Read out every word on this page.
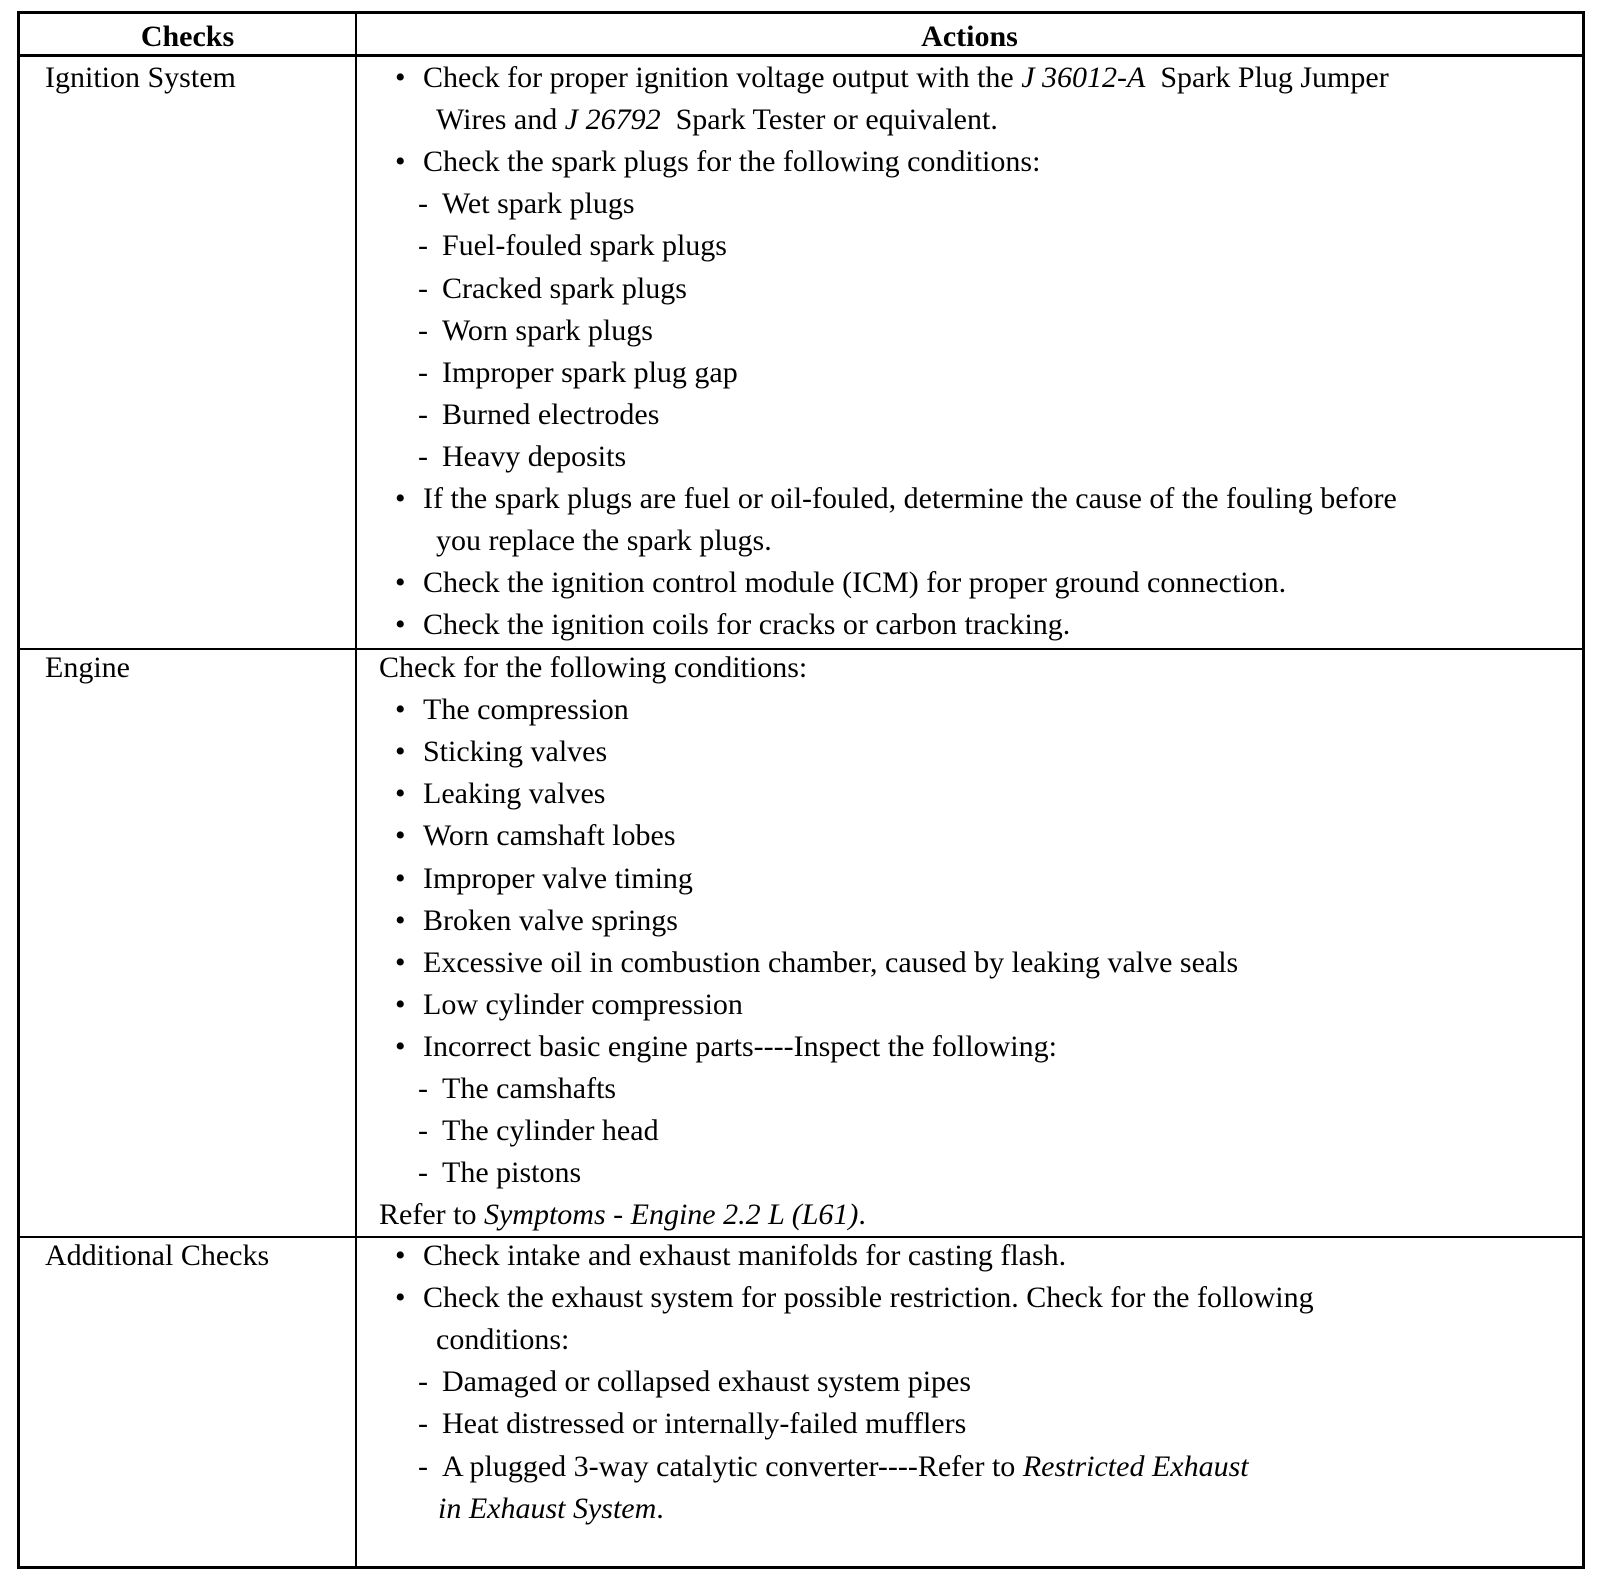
Checks	Actions
Ignition System	• Check for proper ignition voltage output with the J 36012-A  Spark Plug Jumper
Wires and J 26792  Spark Tester or equivalent.
• Check the spark plugs for the following conditions:
- Wet spark plugs
- Fuel-fouled spark plugs
- Cracked spark plugs
- Worn spark plugs
- Improper spark plug gap
- Burned electrodes
- Heavy deposits
• If the spark plugs are fuel or oil-fouled, determine the cause of the fouling before
you replace the spark plugs.
• Check the ignition control module (ICM) for proper ground connection.
• Check the ignition coils for cracks or carbon tracking.
Engine	Check for the following conditions:
• The compression
• Sticking valves
• Leaking valves
• Worn camshaft lobes
• Improper valve timing
• Broken valve springs
• Excessive oil in combustion chamber, caused by leaking valve seals
• Low cylinder compression
• Incorrect basic engine parts----Inspect the following:
- The camshafts
- The cylinder head
- The pistons
Refer to Symptoms - Engine 2.2 L (L61).
Additional Checks	• Check intake and exhaust manifolds for casting flash.
• Check the exhaust system for possible restriction. Check for the following
conditions:
- Damaged or collapsed exhaust system pipes
- Heat distressed or internally-failed mufflers
- A plugged 3-way catalytic converter----Refer to Restricted Exhaust
in Exhaust System.
